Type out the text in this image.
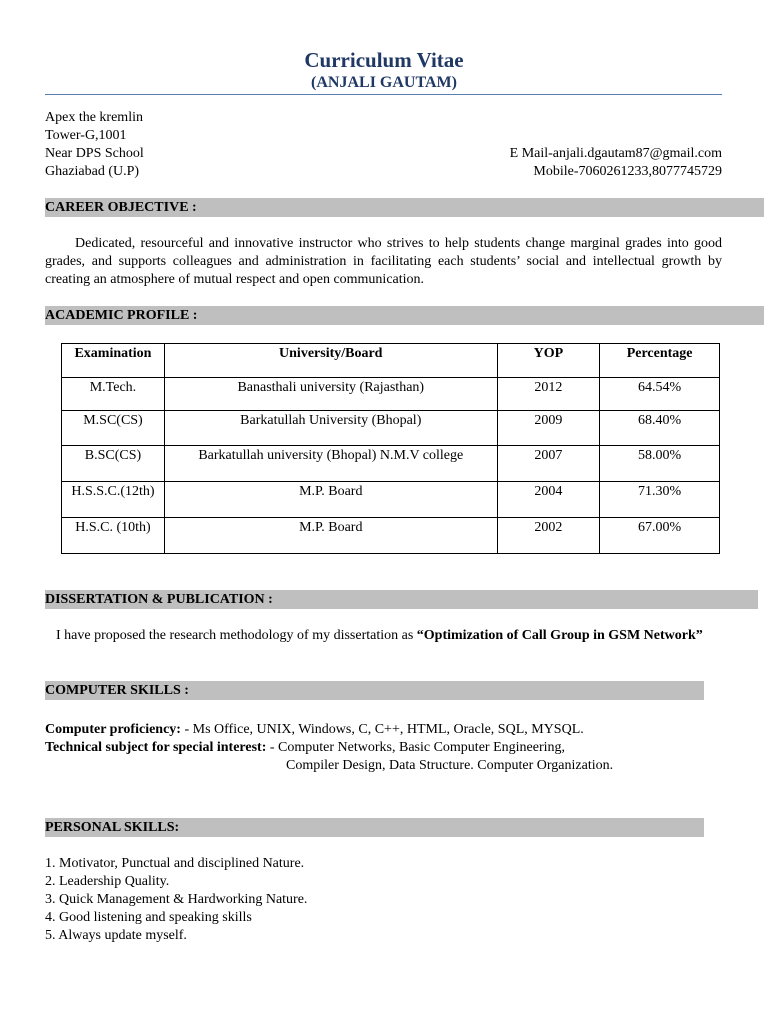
Curriculum Vitae
(ANJALI GAUTAM)
Apex the kremlin
Tower-G,1001
Near DPS School
Ghaziabad (U.P)
E Mail-anjali.dgautam87@gmail.com
Mobile-7060261233,8077745729
CAREER OBJECTIVE :
Dedicated, resourceful and innovative instructor who strives to help students change marginal grades into good grades, and supports colleagues and administration in facilitating each students’ social and intellectual growth by creating an atmosphere of mutual respect and open communication.
ACADEMIC PROFILE :
Examination	University/Board	YOP	Percentage
M.Tech.	Banasthali university (Rajasthan)	2012	64.54%
M.SC(CS)	Barkatullah University (Bhopal)	2009	68.40%
B.SC(CS)	Barkatullah university (Bhopal) N.M.V college	2007	58.00%
H.S.S.C.(12th)	M.P. Board	2004	71.30%
H.S.C. (10th)	M.P. Board	2002	67.00%
DISSERTATION & PUBLICATION :
I have proposed the research methodology of my dissertation as “Optimization of Call Group in GSM Network”
COMPUTER SKILLS :
Computer proficiency: - Ms Office, UNIX, Windows, C, C++, HTML, Oracle, SQL, MYSQL.
Technical subject for special interest: - Computer Networks, Basic Computer Engineering,
Compiler Design, Data Structure. Computer Organization.
PERSONAL SKILLS:
1. Motivator, Punctual and disciplined Nature.
2. Leadership Quality.
3. Quick Management & Hardworking Nature.
4. Good listening and speaking skills
5. Always update myself.
